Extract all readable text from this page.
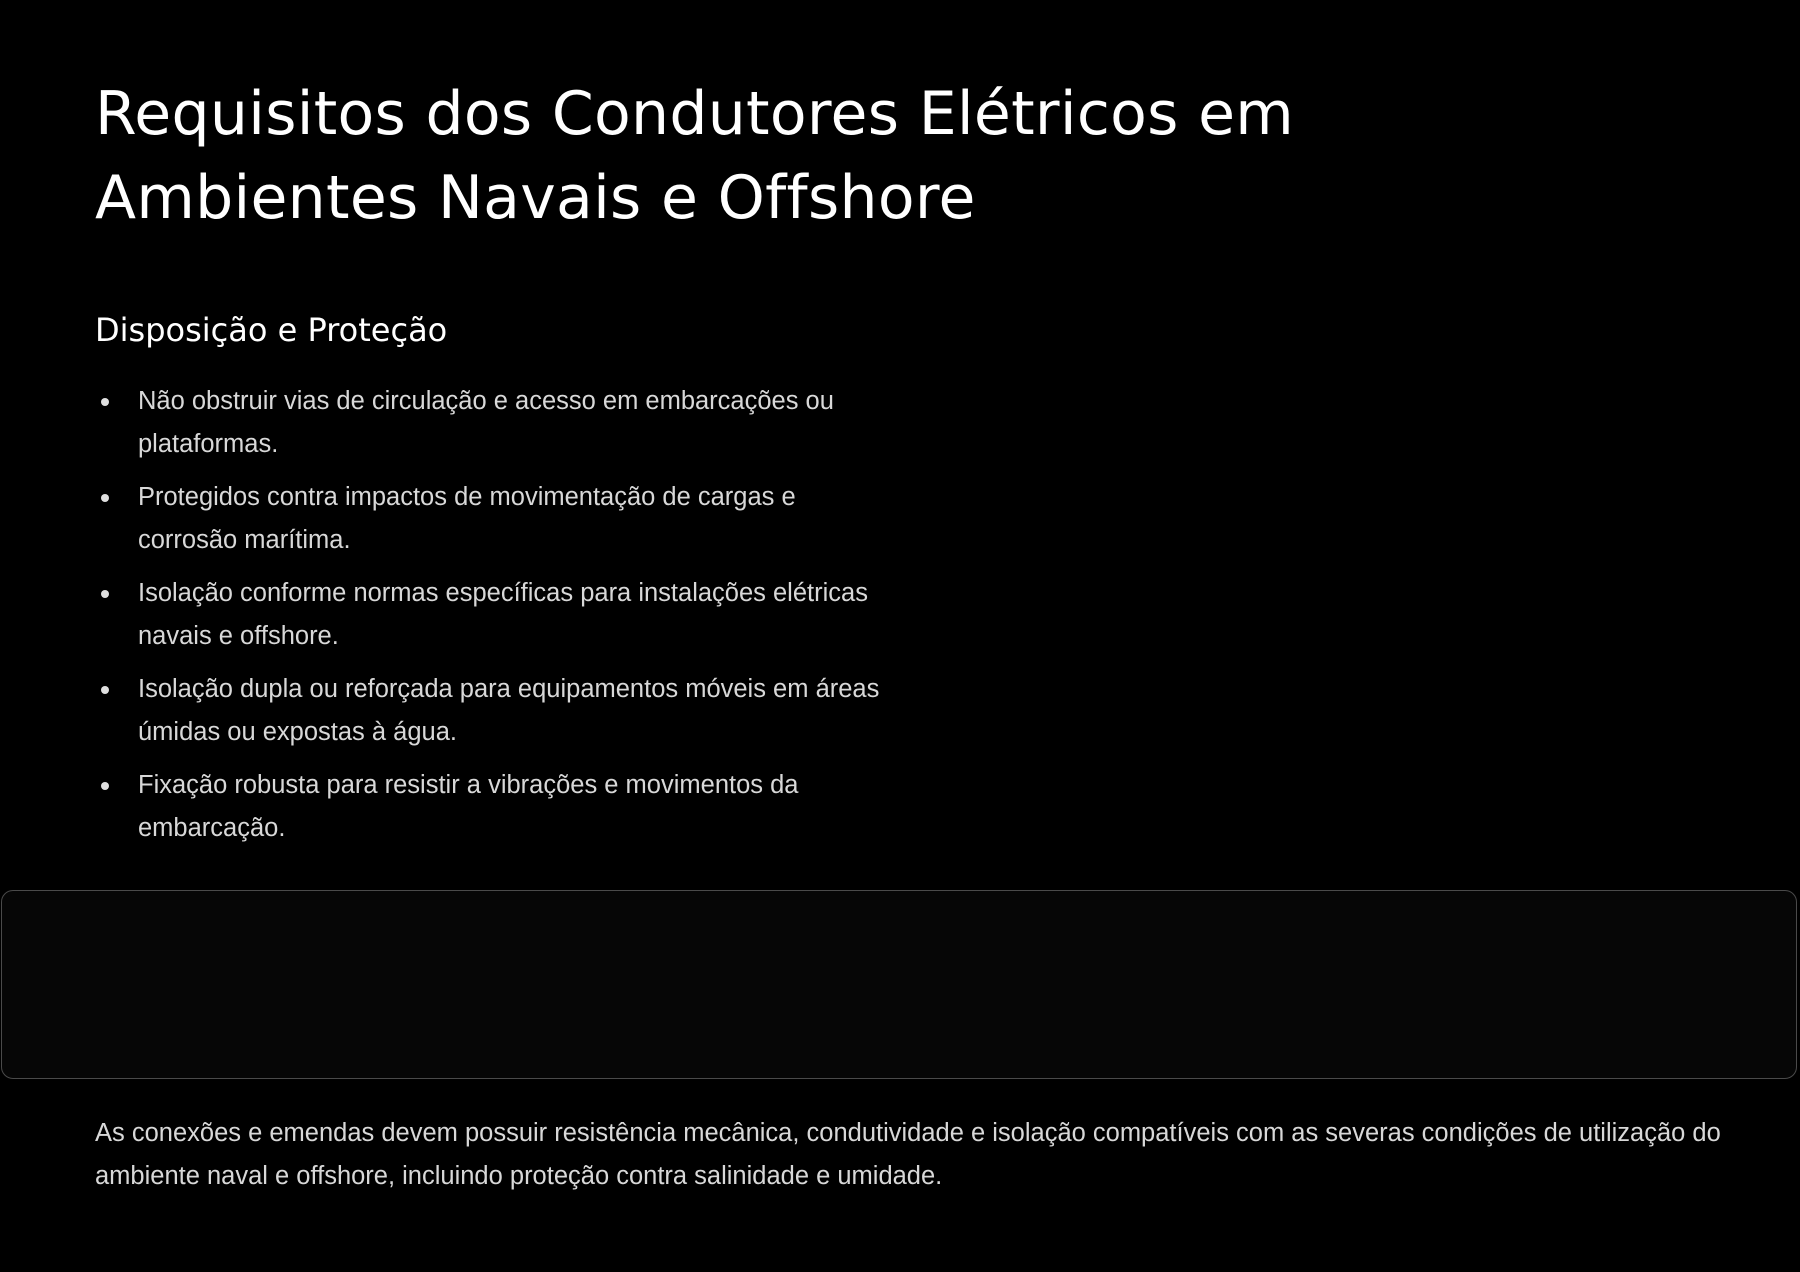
Requisitos dos Condutores Elétricos em Ambientes Navais e Offshore
Disposição e Proteção
Não obstruir vias de circulação e acesso em embarcações ou plataformas.
Protegidos contra impactos de movimentação de cargas e corrosão marítima.
Isolação conforme normas específicas para instalações elétricas navais e offshore.
Isolação dupla ou reforçada para equipamentos móveis em áreas úmidas ou expostas à água.
Fixação robusta para resistir a vibrações e movimentos da embarcação.

As conexões e emendas devem possuir resistência mecânica, condutividade e isolação compatíveis com as severas condições de utilização do ambiente naval e offshore, incluindo proteção contra salinidade e umidade.
